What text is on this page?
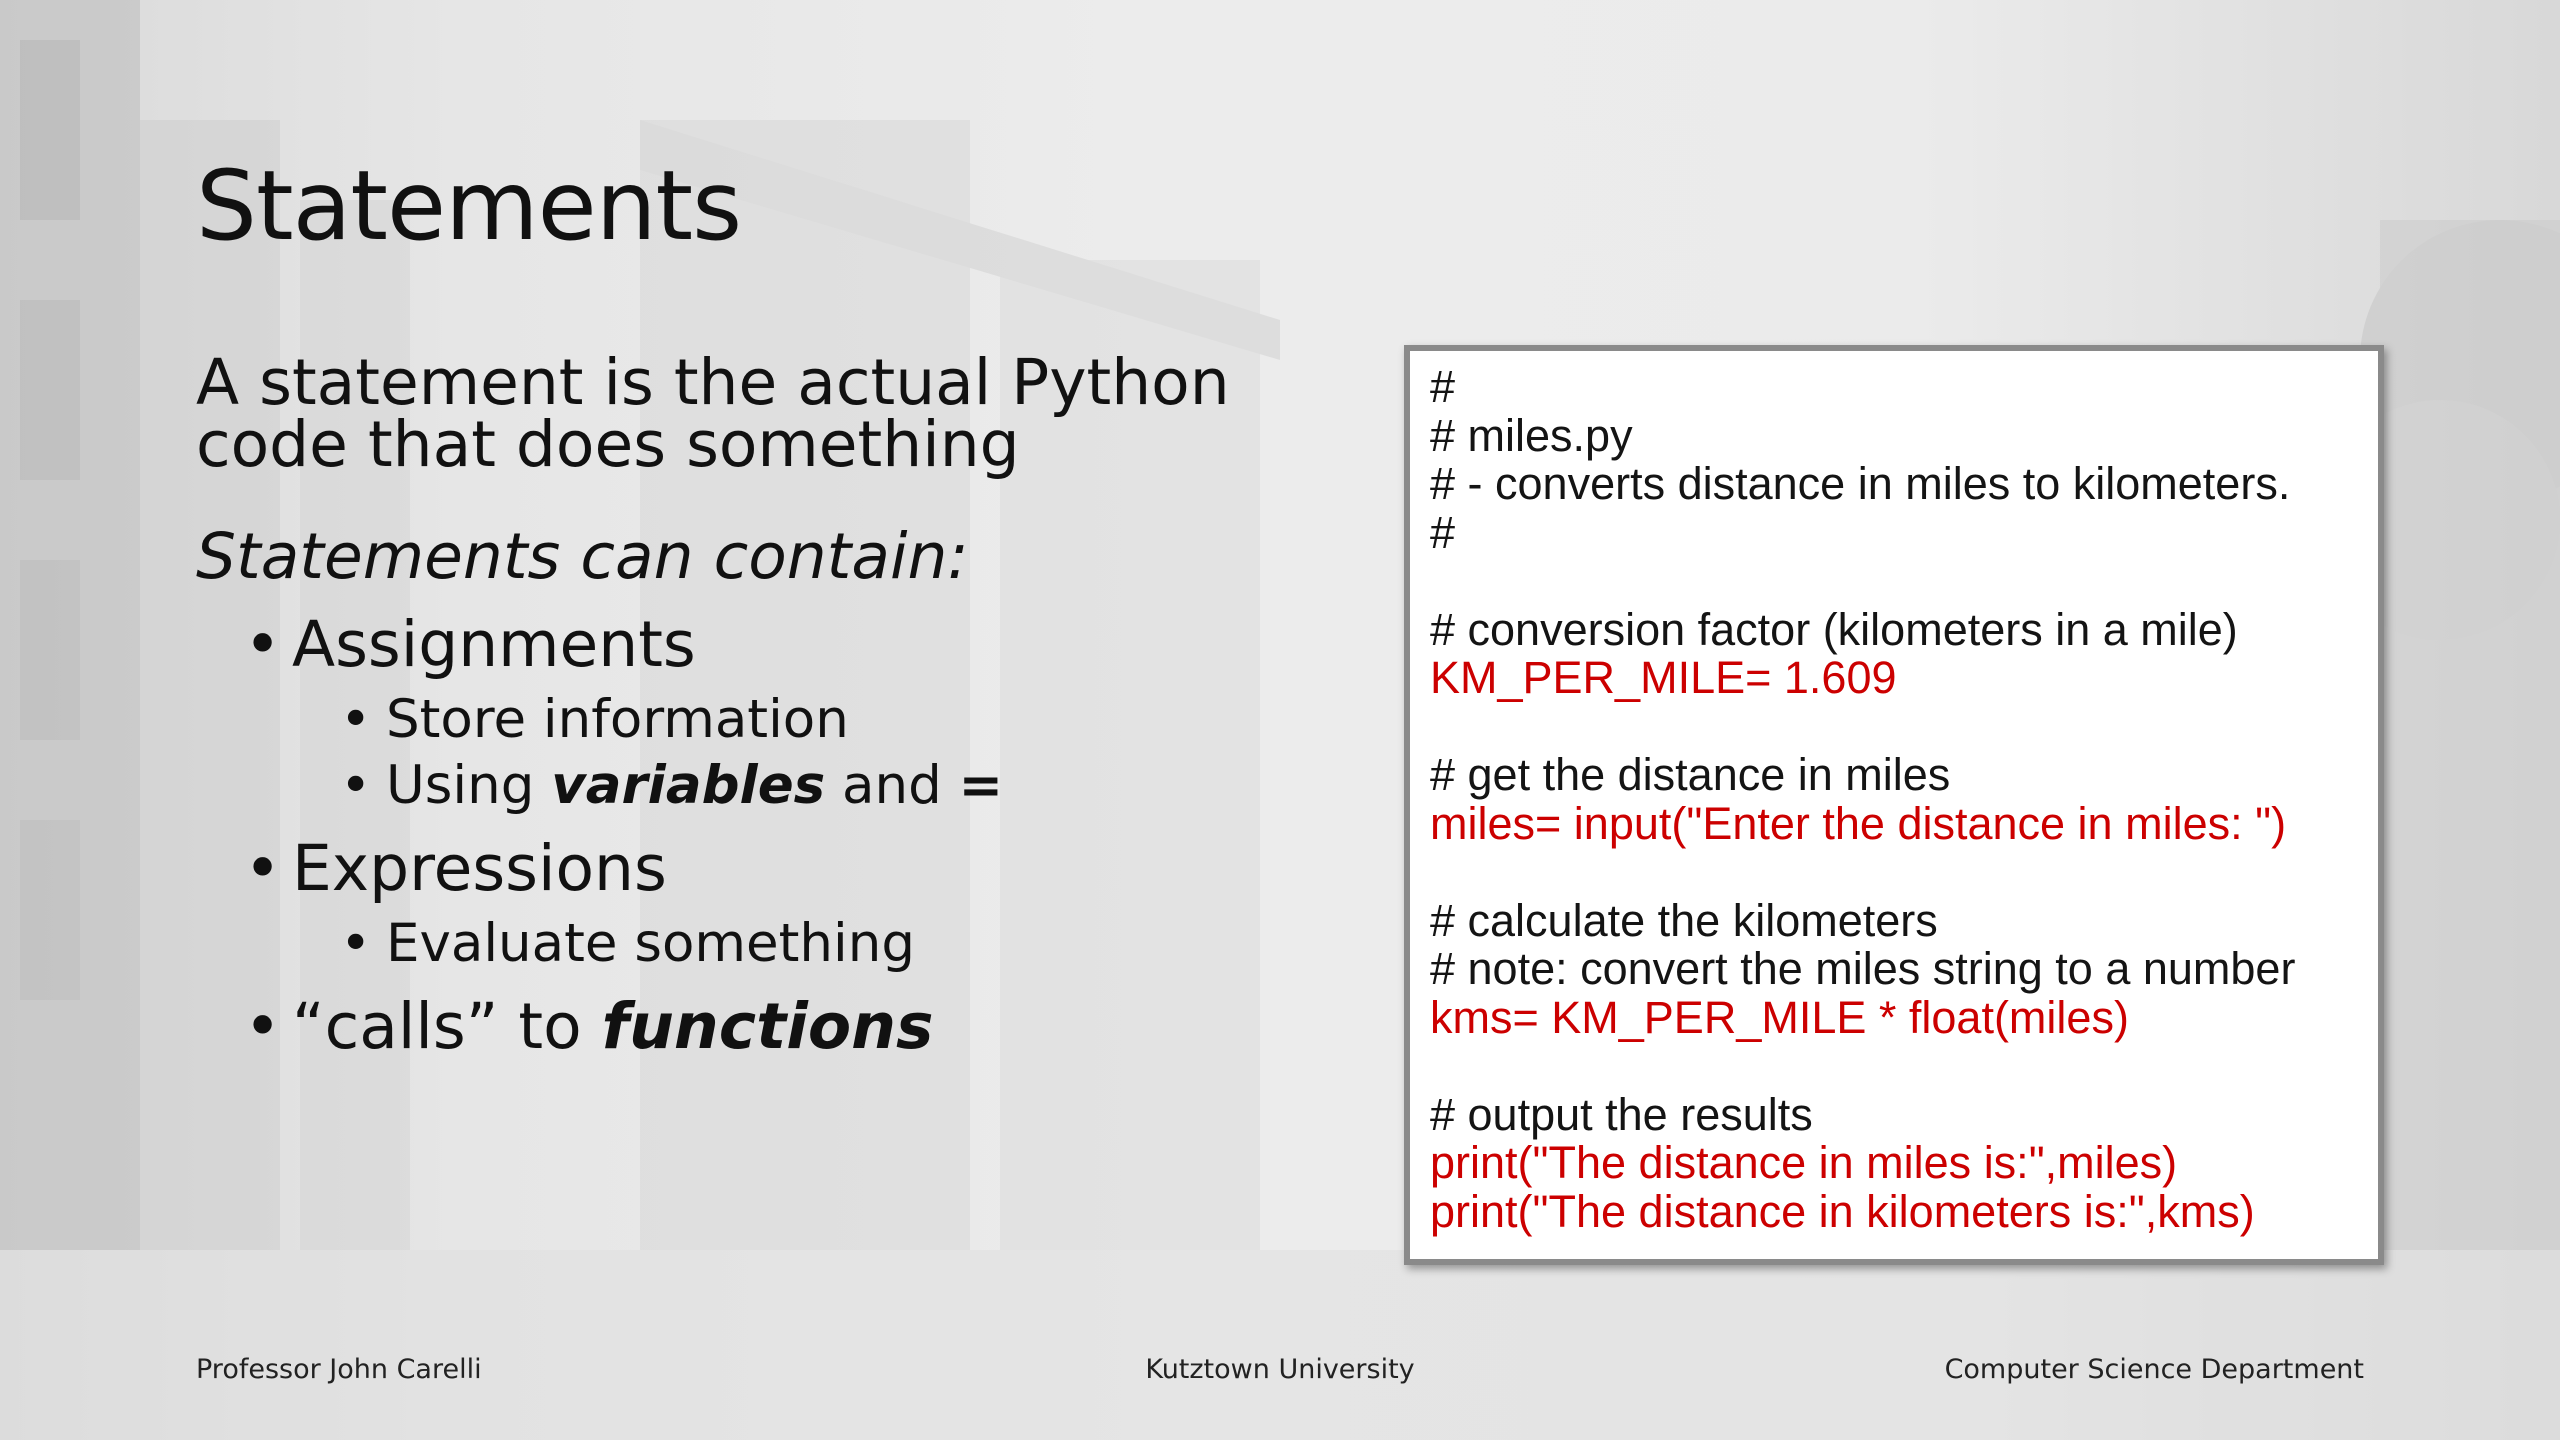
Statements

A statement is the actual Python code that does something

Statements can contain:

• Assignments
• Store information
• Using variables and =
• Expressions
• Evaluate something
• “calls” to functions
#
# miles.py
# - converts distance in miles to kilometers.
#
# conversion factor (kilometers in a mile)
KM_PER_MILE= 1.609
# get the distance in miles
miles= input("Enter the distance in miles: ")
# calculate the kilometers
# note: convert the miles string to a number
kms= KM_PER_MILE * float(miles)
# output the results
print("The distance in miles is:",miles)
print("The distance in kilometers is:",kms)
Professor John Carelli	Kutztown University	Computer Science Department
